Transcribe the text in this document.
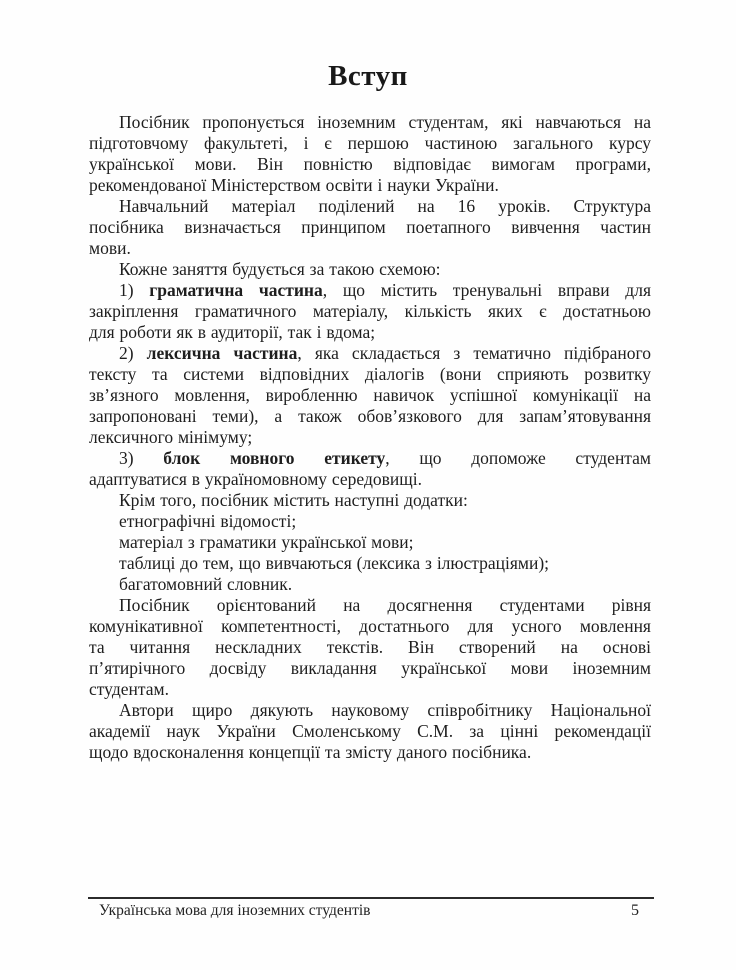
Вступ
Посібник пропонується іноземним студентам, які навчаються на
підготовчому факультеті, і є першою частиною загального курсу
української мови. Він повністю відповідає вимогам програми,
рекомендованої Міністерством освіти і науки України.
Навчальний матеріал поділений на 16 уроків. Структура
посібника визначається принципом поетапного вивчення частин
мови.
Кожне заняття будується за такою схемою:
1) граматична частина, що містить тренувальні вправи для
закріплення граматичного матеріалу, кількість яких є достатньою
для роботи як в аудиторії, так і вдома;
2) лексична частина, яка складається з тематично підібраного
тексту та системи відповідних діалогів (вони сприяють розвитку
зв’язного мовлення, виробленню навичок успішної комунікації на
запропоновані теми), а також обов’язкового для запам’ятовування
лексичного мінімуму;
3) блок мовного етикету, що допоможе студентам
адаптуватися в україномовному середовищі.
Крім того, посібник містить наступні додатки:
етнографічні відомості;
матеріал з граматики української мови;
таблиці до тем, що вивчаються (лексика з ілюстраціями);
багатомовний словник.
Посібник орієнтований на досягнення студентами рівня
комунікативної компетентності, достатнього для усного мовлення
та читання нескладних текстів. Він створений на основі
п’ятирічного досвіду викладання української мови іноземним
студентам.
Автори щиро дякують науковому співробітнику Національної
академії наук України Смоленському С.М. за цінні рекомендації
щодо вдосконалення концепції та змісту даного посібника.
Українська мова для іноземних студентів	5
